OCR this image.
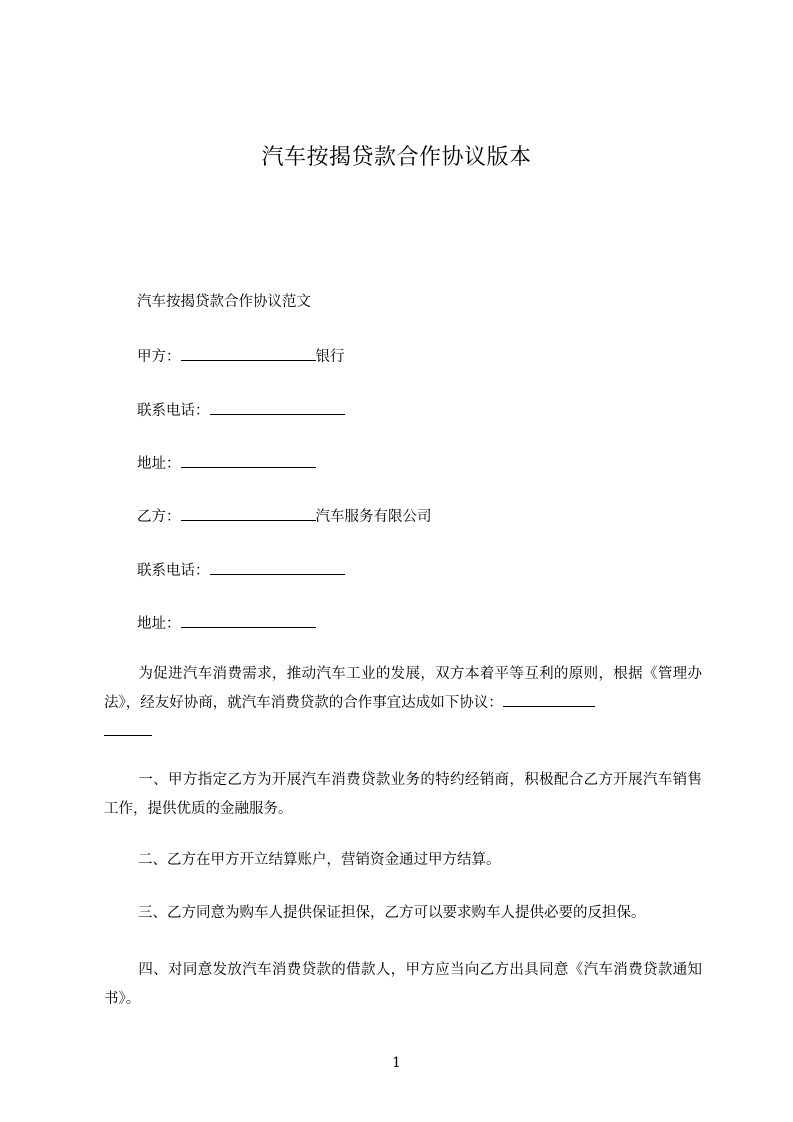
汽车按揭贷款合作协议版本
汽车按揭贷款合作协议范文
甲方：	银行
联系电话：
地址：
乙方：	汽车服务有限公司
联系电话：
地址：
为促进汽车消费需求，推动汽车工业的发展，双方本着平等互利的原则，根据《管理办法》，经友好协商，就汽车消费贷款的合作事宜达成如下协议：

一、甲方指定乙方为开展汽车消费贷款业务的特约经销商，积极配合乙方开展汽车销售工作，提供优质的金融服务。
二、乙方在甲方开立结算账户，营销资金通过甲方结算。
三、乙方同意为购车人提供保证担保，乙方可以要求购车人提供必要的反担保。
四、对同意发放汽车消费贷款的借款人，甲方应当向乙方出具同意《汽车消费贷款通知书》。
1
